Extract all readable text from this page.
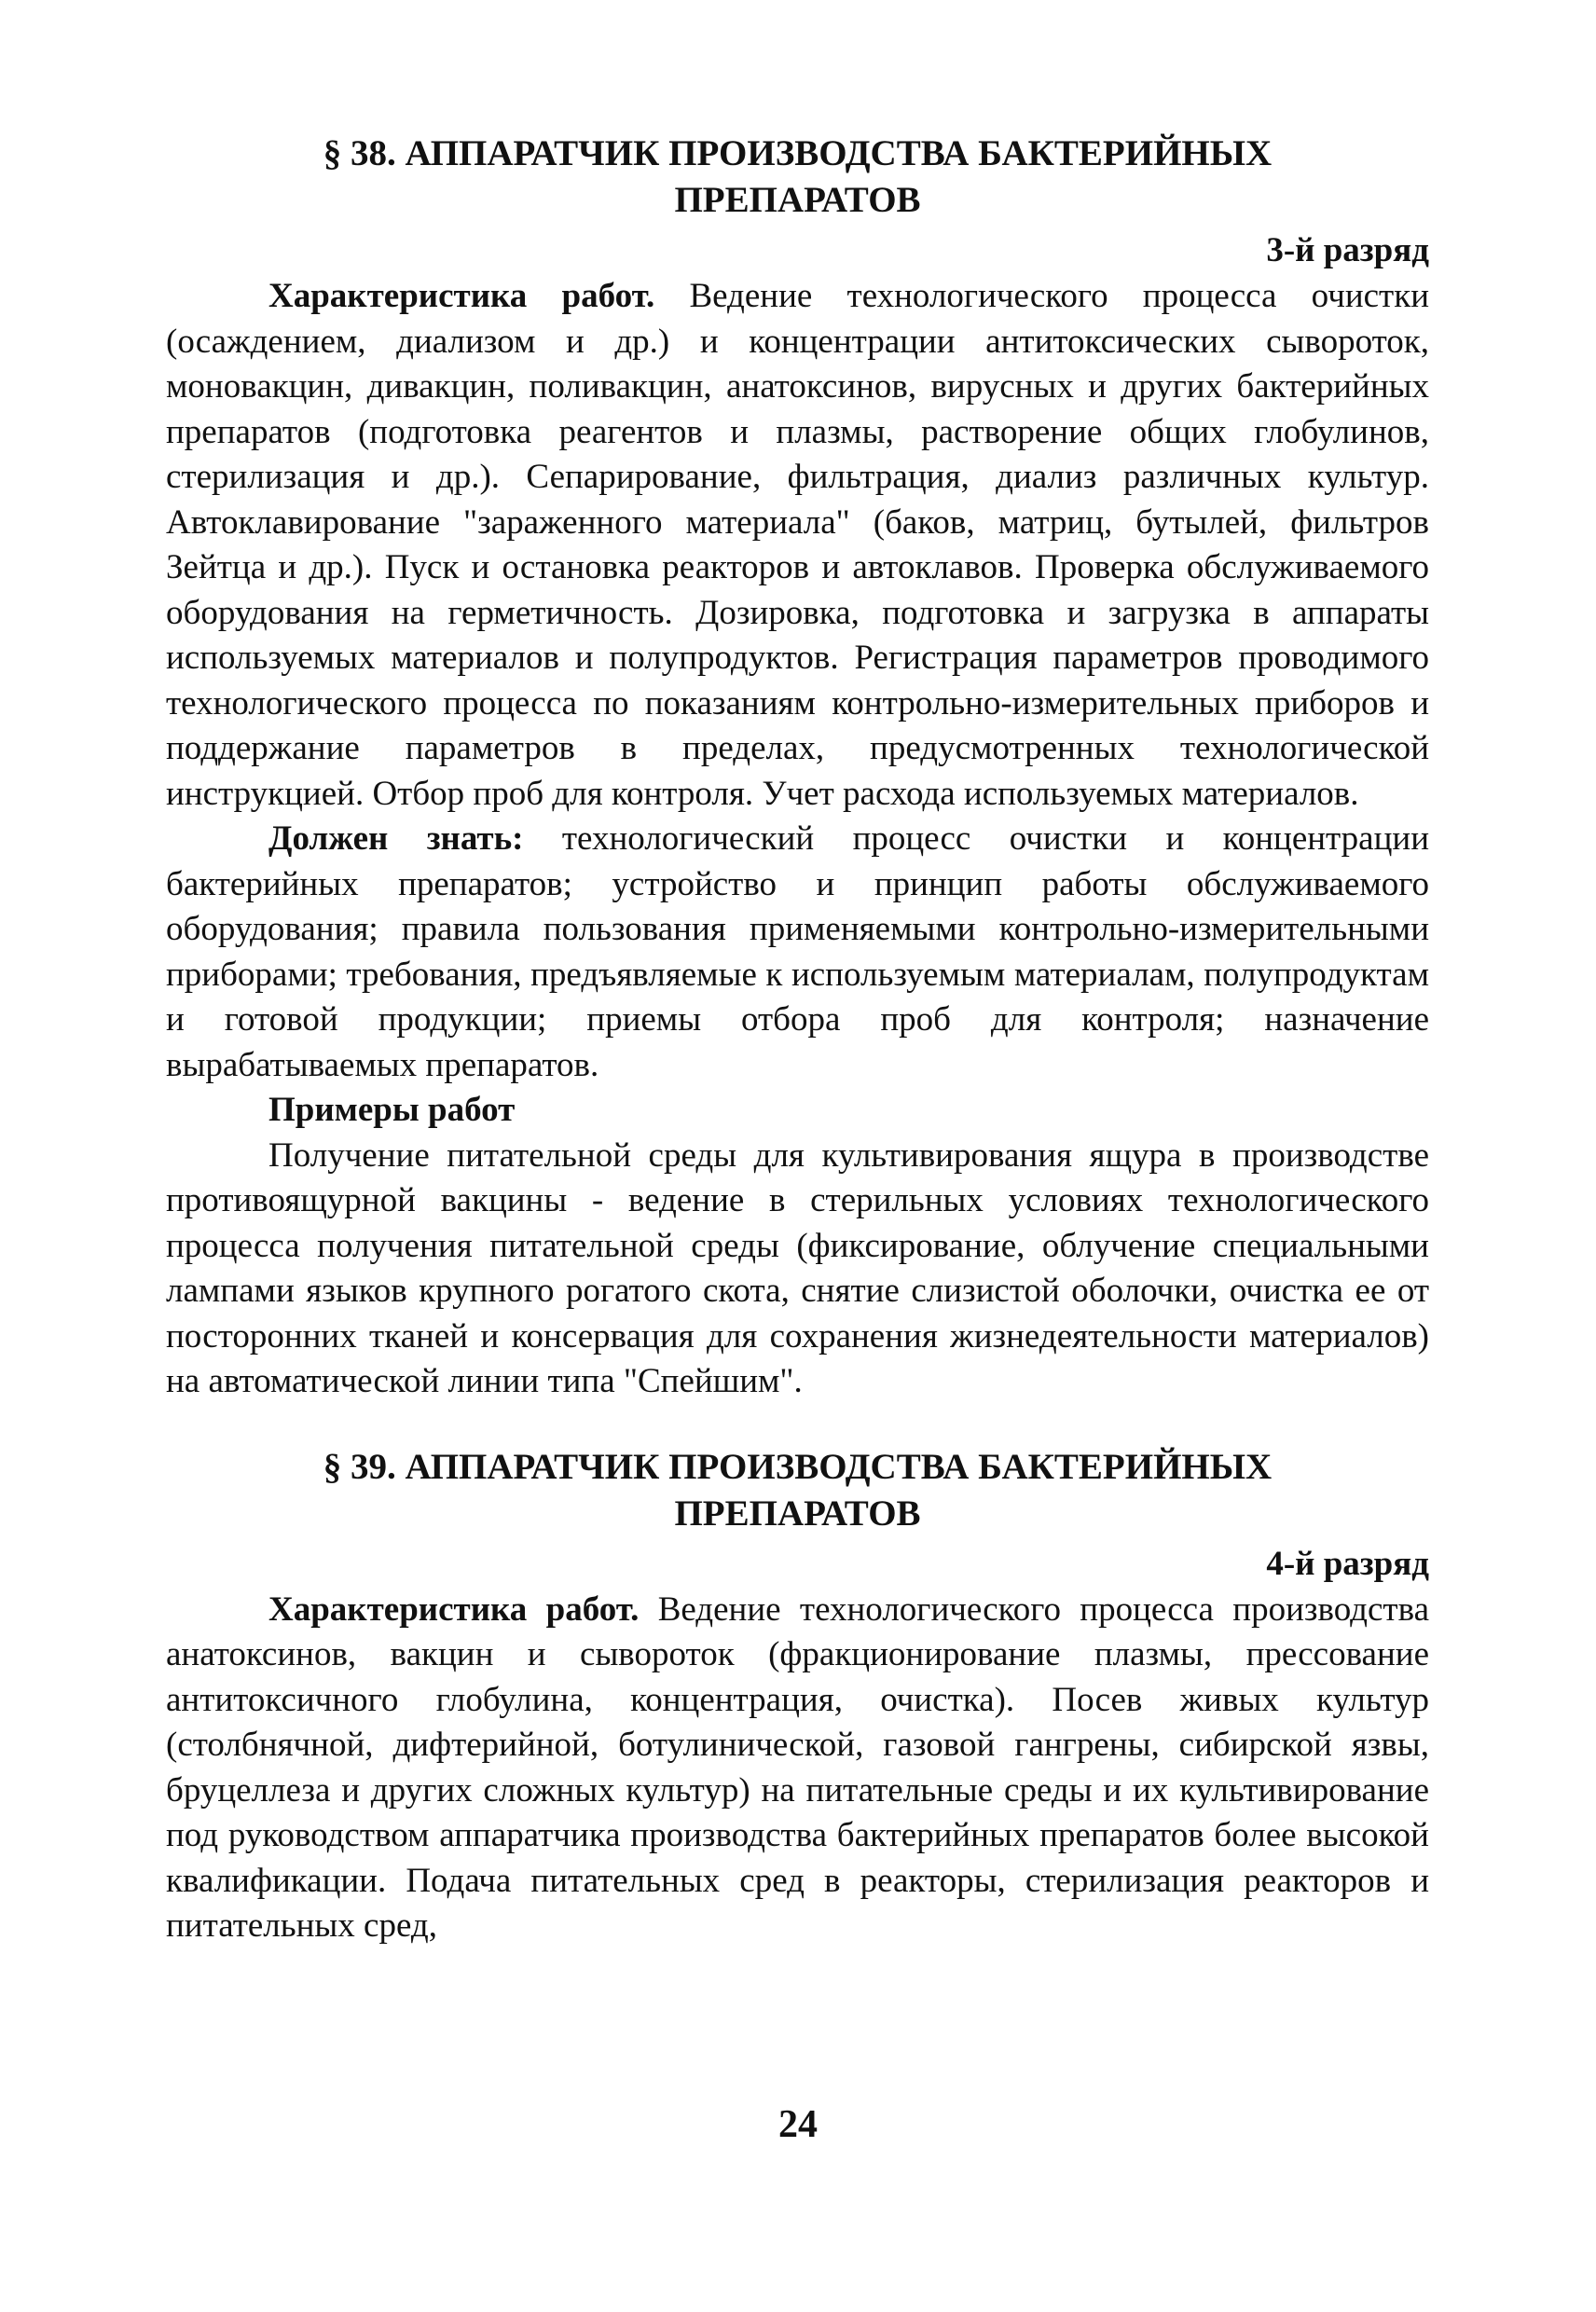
§ 38. АППАРАТЧИК ПРОИЗВОДСТВА БАКТЕРИЙНЫХ
ПРЕПАРАТОВ
3-й разряд

Характеристика работ. Ведение технологического процесса очистки (осаждением, диализом и др.) и концентрации антитоксических сывороток, моновакцин, дивакцин, поливакцин, анатоксинов, вирусных и других бактерийных препаратов (подготовка реагентов и плазмы, растворение общих глобулинов, стерилизация и др.). Сепарирование, фильтрация, диализ различных культур. Автоклавирование "зараженного материала" (баков, матриц, бутылей, фильтров Зейтца и др.). Пуск и остановка реакторов и автоклавов. Проверка обслуживаемого оборудования на герметичность. Дозировка, подготовка и загрузка в аппараты используемых материалов и полупродуктов. Регистрация параметров проводимого технологического процесса по показаниям контрольно-измерительных приборов и поддержание параметров в пределах, предусмотренных технологической инструкцией. Отбор проб для контроля. Учет расхода используемых материалов.

Должен знать: технологический процесс очистки и концентрации бактерийных препаратов; устройство и принцип работы обслуживаемого оборудования; правила пользования применяемыми контрольно-измерительными приборами; требования, предъявляемые к используемым материалам, полупродуктам и готовой продукции; приемы отбора проб для контроля; назначение вырабатываемых препаратов.

Примеры работ

Получение питательной среды для культивирования ящура в производстве противоящурной вакцины - ведение в стерильных условиях технологического процесса получения питательной среды (фиксирование, облучение специальными лампами языков крупного рогатого скота, снятие слизистой оболочки, очистка ее от посторонних тканей и консервация для сохранения жизнедеятельности материалов) на автоматической линии типа "Спейшим".

§ 39. АППАРАТЧИК ПРОИЗВОДСТВА БАКТЕРИЙНЫХ
ПРЕПАРАТОВ
4-й разряд

Характеристика работ. Ведение технологического процесса производства анатоксинов, вакцин и сывороток (фракционирование плазмы, прессование антитоксичного глобулина, концентрация, очистка). Посев живых культур (столбнячной, дифтерийной, ботулинической, газовой гангрены, сибирской язвы, бруцеллеза и других сложных культур) на питательные среды и их культивирование под руководством аппаратчика производства бактерийных препаратов более высокой квалификации. Подача питательных сред в реакторы, стерилизация реакторов и питательных сред,

24
